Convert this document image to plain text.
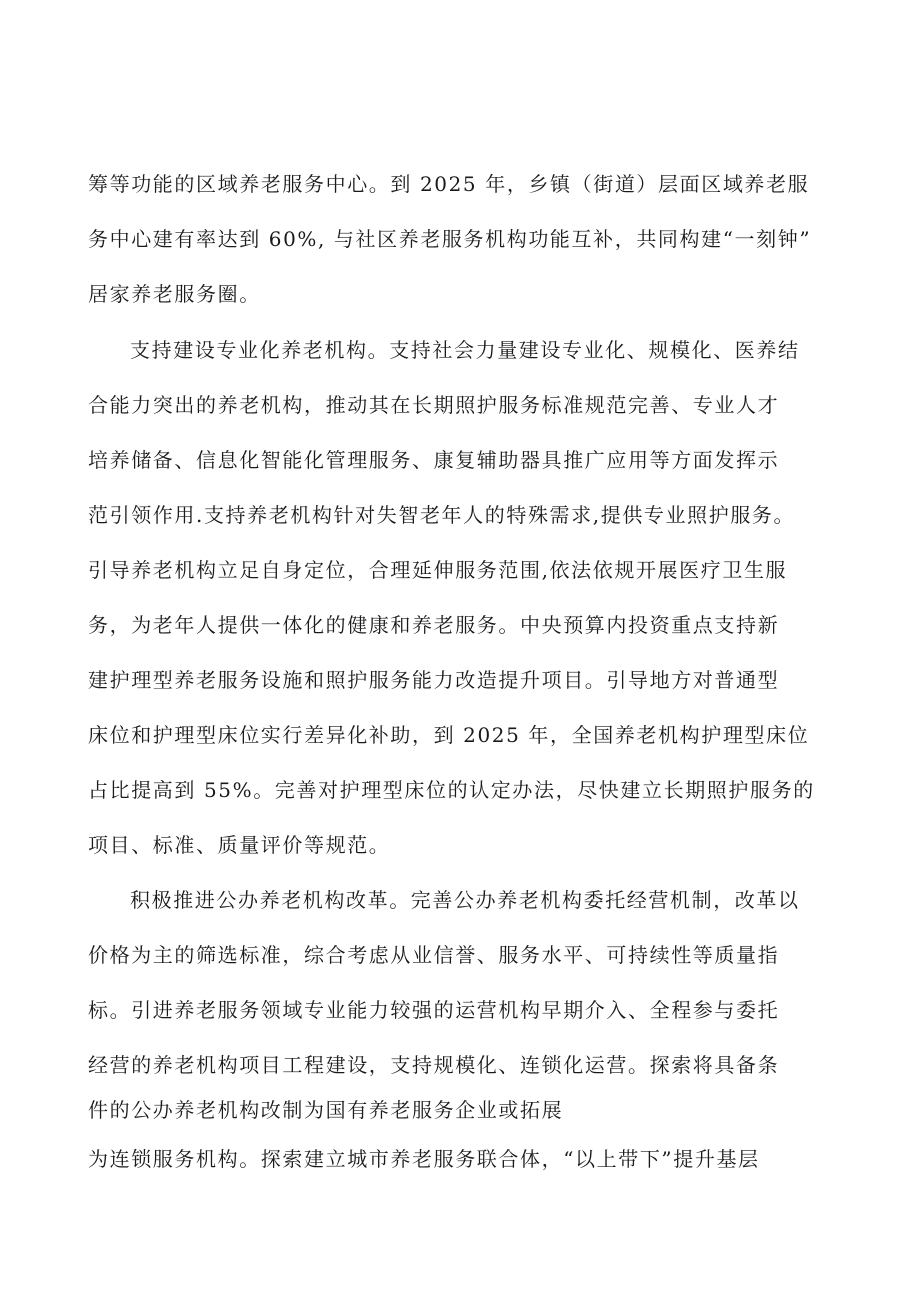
筹等功能的区域养老服务中心。到 2025 年，乡镇（街道）层面区域养老服
务中心建有率达到 60%, 与社区养老服务机构功能互补，共同构建“一刻钟”
居家养老服务圈。
支持建设专业化养老机构。支持社会力量建设专业化、规模化、医养结
合能力突出的养老机构，推动其在长期照护服务标准规范完善、专业人才
培养储备、信息化智能化管理服务、康复辅助器具推广应用等方面发挥示
范引领作用.支持养老机构针对失智老年人的特殊需求,提供专业照护服务。
引导养老机构立足自身定位，合理延伸服务范围,依法依规开展医疗卫生服
务，为老年人提供一体化的健康和养老服务。中央预算内投资重点支持新
建护理型养老服务设施和照护服务能力改造提升项目。引导地方对普通型
床位和护理型床位实行差异化补助，到 2025 年，全国养老机构护理型床位
占比提高到 55%。完善对护理型床位的认定办法，尽快建立长期照护服务的
项目、标准、质量评价等规范。
积极推进公办养老机构改革。完善公办养老机构委托经营机制，改革以
价格为主的筛选标准，综合考虑从业信誉、服务水平、可持续性等质量指
标。引进养老服务领域专业能力较强的运营机构早期介入、全程参与委托
经营的养老机构项目工程建设，支持规模化、连锁化运营。探索将具备条
件的公办养老机构改制为国有养老服务企业或拓展
为连锁服务机构。探索建立城市养老服务联合体，“以上带下”提升基层
